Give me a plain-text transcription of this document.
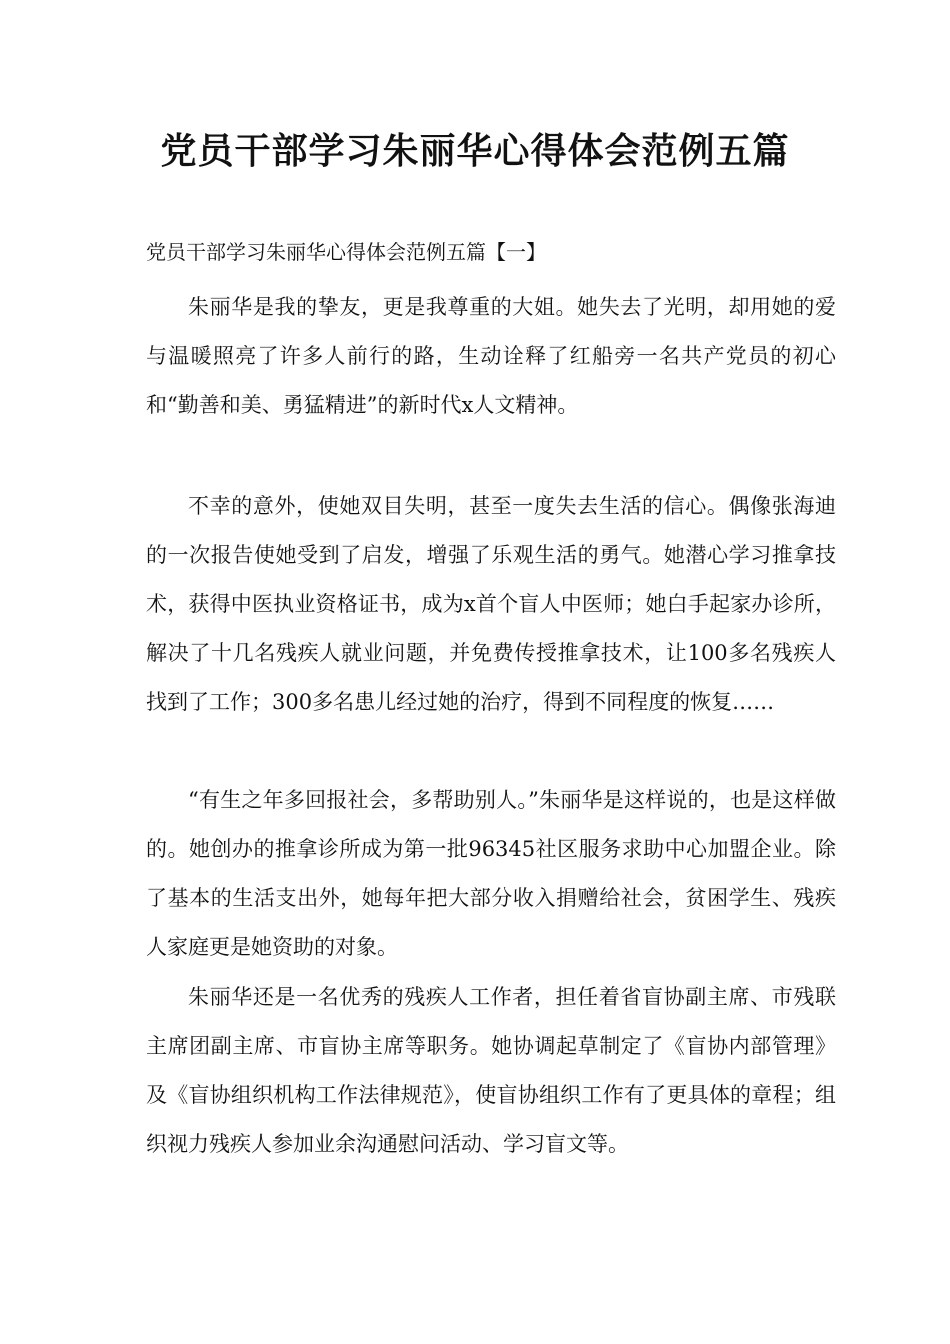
党员干部学习朱丽华心得体会范例五篇

党员干部学习朱丽华心得体会范例五篇【一】

朱丽华是我的挚友，更是我尊重的大姐。她失去了光明，却用她的爱与温暖照亮了许多人前行的路，生动诠释了红船旁一名共产党员的初心和“勤善和美、勇猛精进”的新时代x人文精神。

不幸的意外，使她双目失明，甚至一度失去生活的信心。偶像张海迪的一次报告使她受到了启发，增强了乐观生活的勇气。她潜心学习推拿技术，获得中医执业资格证书，成为x首个盲人中医师；她白手起家办诊所，解决了十几名残疾人就业问题，并免费传授推拿技术，让100多名残疾人找到了工作；300多名患儿经过她的治疗，得到不同程度的恢复……

“有生之年多回报社会，多帮助别人。”朱丽华是这样说的，也是这样做的。她创办的推拿诊所成为第一批96345社区服务求助中心加盟企业。除了基本的生活支出外，她每年把大部分收入捐赠给社会，贫困学生、残疾人家庭更是她资助的对象。

朱丽华还是一名优秀的残疾人工作者，担任着省盲协副主席、市残联主席团副主席、市盲协主席等职务。她协调起草制定了《盲协内部管理》及《盲协组织机构工作法律规范》，使盲协组织工作有了更具体的章程；组织视力残疾人参加业余沟通慰问活动、学习盲文等。
